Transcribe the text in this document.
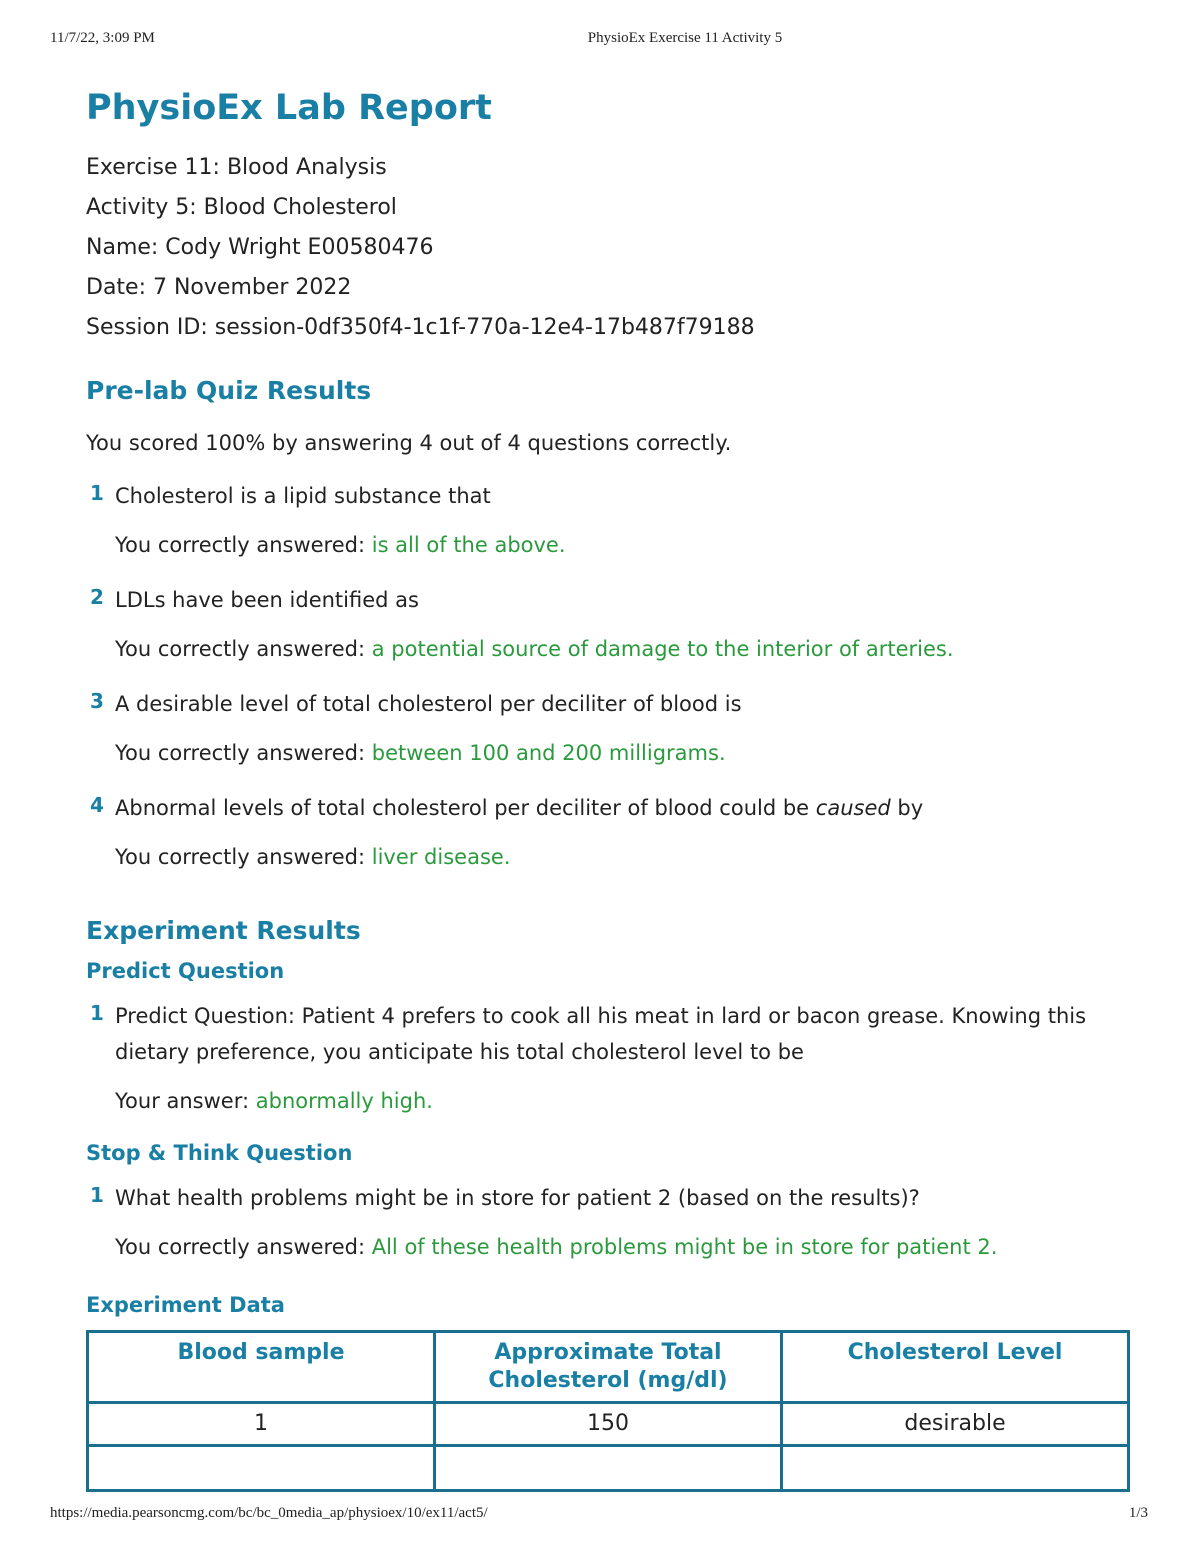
11/7/22, 3:09 PM	PhysioEx Exercise 11 Activity 5
PhysioEx Lab Report

Exercise 11: Blood Analysis

Activity 5: Blood Cholesterol

Name: Cody Wright E00580476

Date: 7 November 2022

Session ID: session-0df350f4-1c1f-770a-12e4-17b487f79188

Pre-lab Quiz Results

You scored 100% by answering 4 out of 4 questions correctly.

1 Cholesterol is a lipid substance that
You correctly answered: is all of the above.
2 LDLs have been identified as
You correctly answered: a potential source of damage to the interior of arteries.
3 A desirable level of total cholesterol per deciliter of blood is
You correctly answered: between 100 and 200 milligrams.
4 Abnormal levels of total cholesterol per deciliter of blood could be caused by
You correctly answered: liver disease.
Experiment Results
Predict Question
1 Predict Question: Patient 4 prefers to cook all his meat in lard or bacon grease. Knowing this dietary preference, you anticipate his total cholesterol level to be
Your answer: abnormally high.
Stop & Think Question
1 What health problems might be in store for patient 2 (based on the results)?
You correctly answered: All of these health problems might be in store for patient 2.
Experiment Data
Blood sample	Approximate Total Cholesterol (mg/dl)	Cholesterol Level
1	150	desirable

https://media.pearsoncmg.com/bc/bc_0media_ap/physioex/10/ex11/act5/	1/3
